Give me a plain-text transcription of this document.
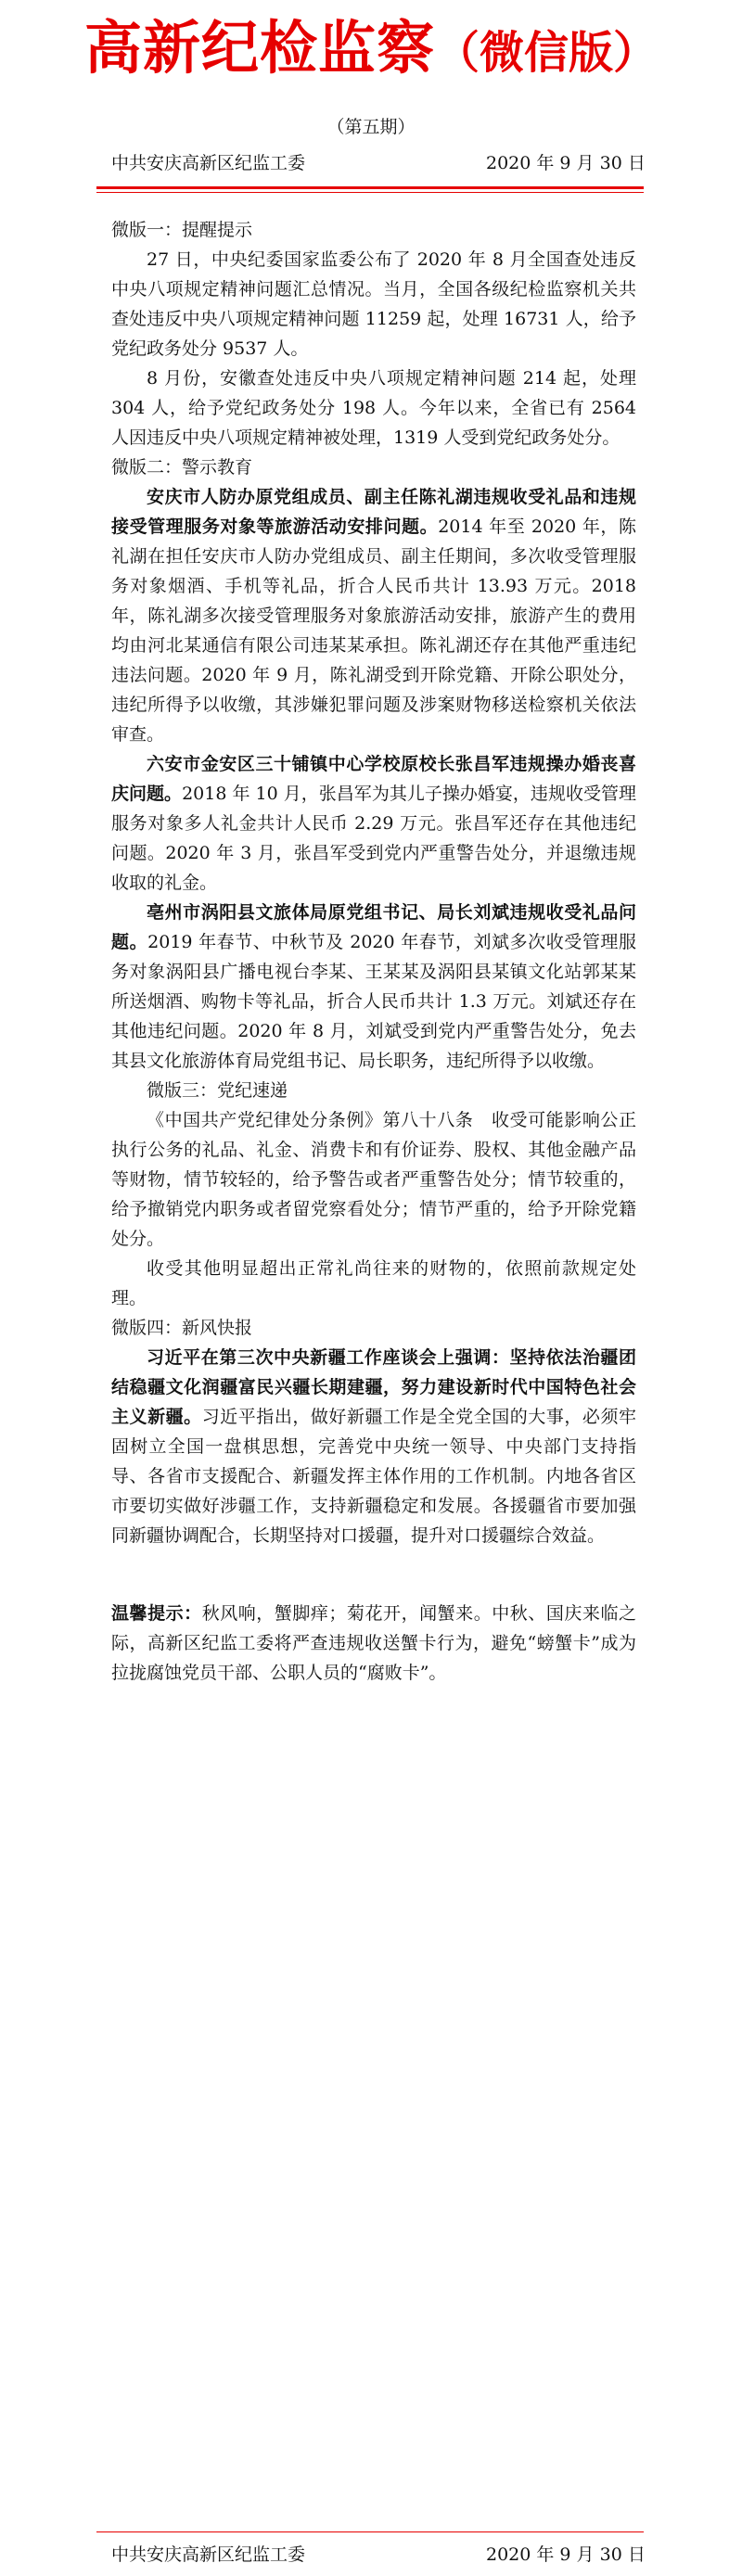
高新纪检监察（微信版）
（第五期）
中共安庆高新区纪监工委	2020 年 9 月 30 日

微版一：提醒提示

27 日，中央纪委国家监委公布了 2020 年 8 月全国查处违反中央八项规定精神问题汇总情况。当月，全国各级纪检监察机关共查处违反中央八项规定精神问题 11259 起，处理 16731 人，给予党纪政务处分 9537 人。

8 月份，安徽查处违反中央八项规定精神问题 214 起，处理 304 人，给予党纪政务处分 198 人。今年以来，全省已有 2564 人因违反中央八项规定精神被处理，1319 人受到党纪政务处分。

微版二：警示教育

安庆市人防办原党组成员、副主任陈礼湖违规收受礼品和违规接受管理服务对象等旅游活动安排问题。2014 年至 2020 年，陈礼湖在担任安庆市人防办党组成员、副主任期间，多次收受管理服务对象烟酒、手机等礼品，折合人民币共计 13.93 万元。2018 年，陈礼湖多次接受管理服务对象旅游活动安排，旅游产生的费用均由河北某通信有限公司违某某承担。陈礼湖还存在其他严重违纪违法问题。2020 年 9 月，陈礼湖受到开除党籍、开除公职处分，违纪所得予以收缴，其涉嫌犯罪问题及涉案财物移送检察机关依法审查。

六安市金安区三十铺镇中心学校原校长张昌军违规操办婚丧喜庆问题。2018 年 10 月，张昌军为其儿子操办婚宴，违规收受管理服务对象多人礼金共计人民币 2.29 万元。张昌军还存在其他违纪问题。2020 年 3 月，张昌军受到党内严重警告处分，并退缴违规收取的礼金。

亳州市涡阳县文旅体局原党组书记、局长刘斌违规收受礼品问题。2019 年春节、中秋节及 2020 年春节，刘斌多次收受管理服务对象涡阳县广播电视台李某、王某某及涡阳县某镇文化站郭某某所送烟酒、购物卡等礼品，折合人民币共计 1.3 万元。刘斌还存在其他违纪问题。2020 年 8 月，刘斌受到党内严重警告处分，免去其县文化旅游体育局党组书记、局长职务，违纪所得予以收缴。

微版三：党纪速递

《中国共产党纪律处分条例》第八十八条　收受可能影响公正执行公务的礼品、礼金、消费卡和有价证券、股权、其他金融产品等财物，情节较轻的，给予警告或者严重警告处分；情节较重的，给予撤销党内职务或者留党察看处分；情节严重的，给予开除党籍处分。

收受其他明显超出正常礼尚往来的财物的，依照前款规定处理。

微版四：新风快报

习近平在第三次中央新疆工作座谈会上强调：坚持依法治疆团结稳疆文化润疆富民兴疆长期建疆，努力建设新时代中国特色社会主义新疆。习近平指出，做好新疆工作是全党全国的大事，必须牢固树立全国一盘棋思想，完善党中央统一领导、中央部门支持指导、各省市支援配合、新疆发挥主体作用的工作机制。内地各省区市要切实做好涉疆工作，支持新疆稳定和发展。各援疆省市要加强同新疆协调配合，长期坚持对口援疆，提升对口援疆综合效益。

温馨提示：秋风响，蟹脚痒；菊花开，闻蟹来。中秋、国庆来临之际，高新区纪监工委将严查违规收送蟹卡行为，避免“螃蟹卡”成为拉拢腐蚀党员干部、公职人员的“腐败卡”。

中共安庆高新区纪监工委	2020 年 9 月 30 日
